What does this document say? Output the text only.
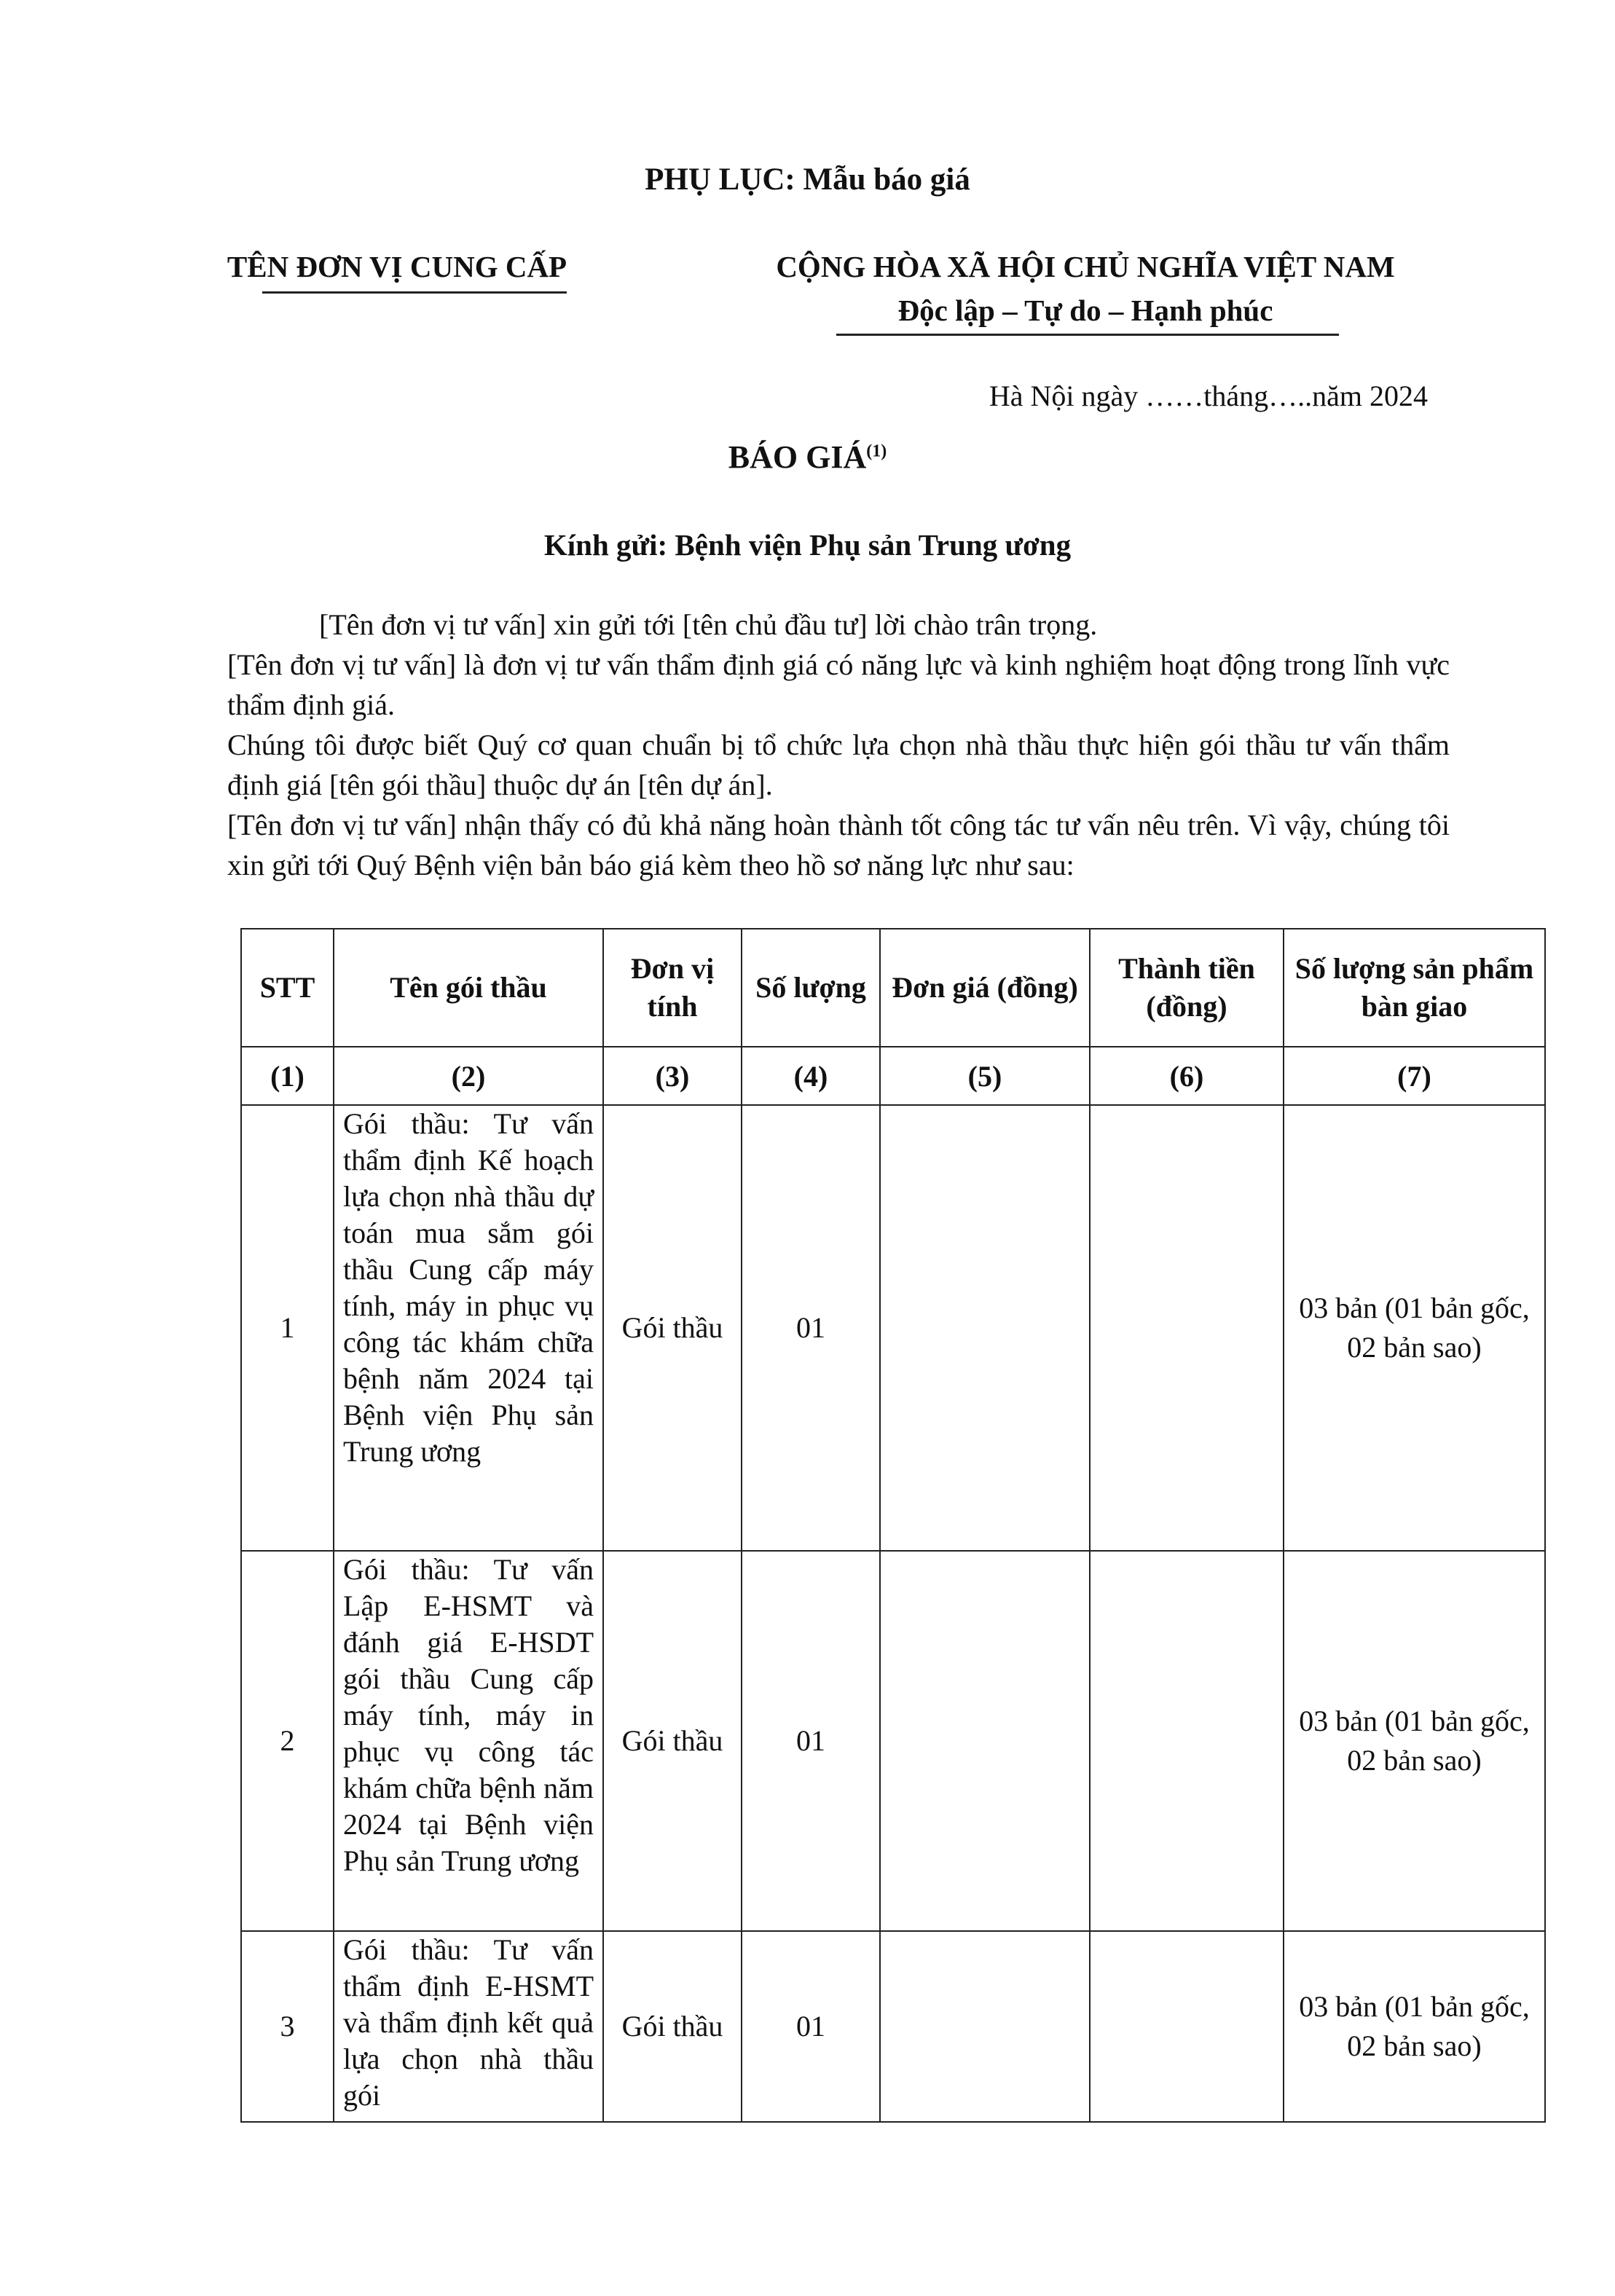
PHỤ LỤC: Mẫu báo giá
TÊN ĐƠN VỊ CUNG CẤP	CỘNG HÒA XÃ HỘI CHỦ NGHĨA VIỆT NAM
Độc lập – Tự do – Hạnh phúc
Hà Nội ngày ……tháng…..năm 2024
BÁO GIÁ$^{(1)}$
Kính gửi: Bệnh viện Phụ sản Trung ương
[Tên đơn vị tư vấn] xin gửi tới [tên chủ đầu tư] lời chào trân trọng.
[Tên đơn vị tư vấn] là đơn vị tư vấn thẩm định giá có năng lực và kinh nghiệm hoạt động trong lĩnh vực thẩm định giá.
Chúng tôi được biết Quý cơ quan chuẩn bị tổ chức lựa chọn nhà thầu thực hiện gói thầu tư vấn thẩm định giá [tên gói thầu] thuộc dự án [tên dự án].
[Tên đơn vị tư vấn] nhận thấy có đủ khả năng hoàn thành tốt công tác tư vấn nêu trên. Vì vậy, chúng tôi xin gửi tới Quý Bệnh viện bản báo giá kèm theo hồ sơ năng lực như sau:
STT	Tên gói thầu	Đơn vị tính	Số lượng	Đơn giá (đồng)	Thành tiền (đồng)	Số lượng sản phẩm bàn giao
(1)	(2)	(3)	(4)	(5)	(6)	(7)
1	Gói thầu: Tư vấn thẩm định Kế hoạch lựa chọn nhà thầu dự toán mua sắm gói thầu Cung cấp máy tính, máy in phục vụ công tác khám chữa bệnh năm 2024 tại Bệnh viện Phụ sản Trung ương	Gói thầu	01			03 bản (01 bản gốc, 02 bản sao)
2	Gói thầu: Tư vấn Lập E-HSMT và đánh giá E-HSDT gói thầu Cung cấp máy tính, máy in phục vụ công tác khám chữa bệnh năm 2024 tại Bệnh viện Phụ sản Trung ương	Gói thầu	01			03 bản (01 bản gốc, 02 bản sao)
3	Gói thầu: Tư vấn thẩm định E-HSMT và thẩm định kết quả lựa chọn nhà thầu gói	Gói thầu	01			03 bản (01 bản gốc, 02 bản sao)
